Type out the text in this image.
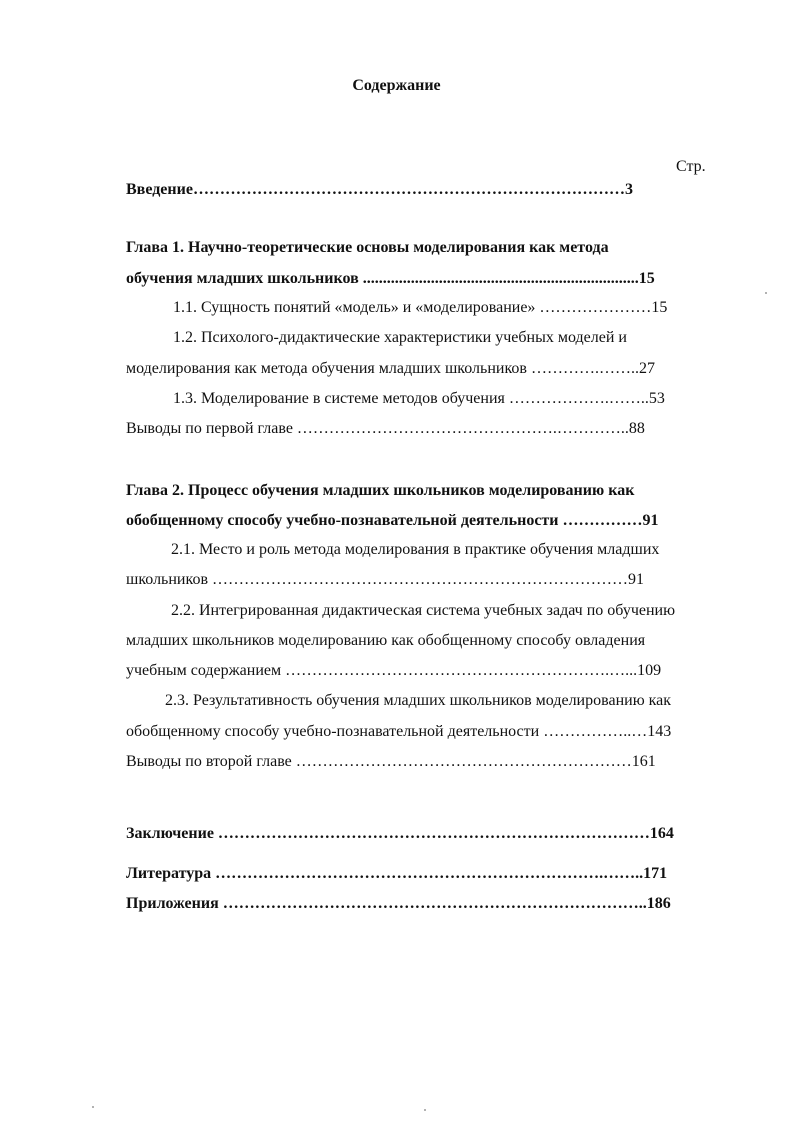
Содержание
Стр.
Введение………………………………………………………………………3
Глава 1. Научно-теоретические основы моделирования как метода
обучения младших школьников .....................................................................15
1.1. Сущность понятий «модель» и «моделирование» …………………15
1.2. Психолого-дидактические характеристики учебных моделей и
моделирования как метода обучения младших школьников ………….……..27
1.3. Моделирование в системе методов обучения ……………….……..53
Выводы по первой главе ………………………………………….…………..88
Глава 2. Процесс обучения младших школьников моделированию как
обобщенному способу учебно-познавательной деятельности ……………91
2.1. Место и роль метода моделирования в практике обучения младших
школьников ……………………………………………………………………91
2.2. Интегрированная дидактическая система учебных задач по обучению
младших школьников моделированию как обобщенному способу овладения
учебным содержанием …………………………………………………….…...109
2.3. Результативность обучения младших школьников моделированию как
обобщенному способу учебно-познавательной деятельности ……………..…143
Выводы по второй главе ………………………………………………………161
Заключение ………………………………………………………………………164
Литература ……………………………………………………………….……..171
Приложения ……………………………………………………………………..186
